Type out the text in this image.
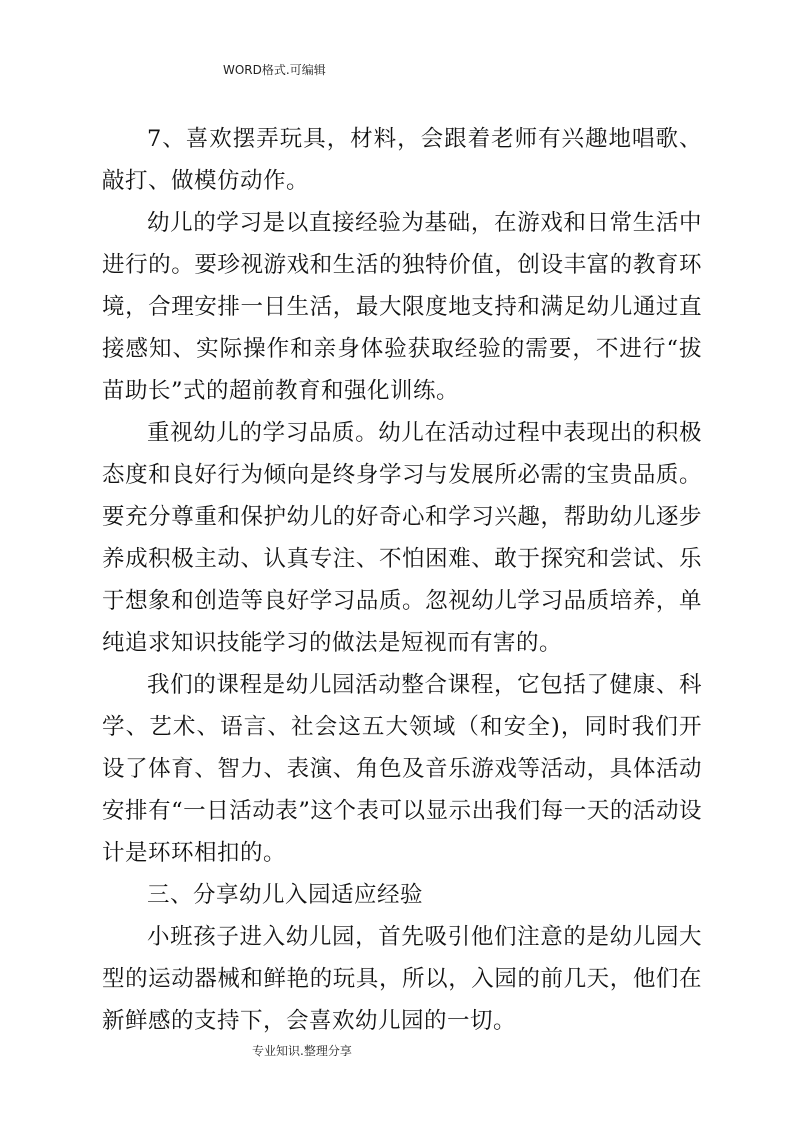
WORD格式.可编辑

7、喜欢摆弄玩具，材料，会跟着老师有兴趣地唱歌、敲打、做模仿动作。

幼儿的学习是以直接经验为基础，在游戏和日常生活中进行的。要珍视游戏和生活的独特价值，创设丰富的教育环境，合理安排一日生活，最大限度地支持和满足幼儿通过直接感知、实际操作和亲身体验获取经验的需要，不进行“拔苗助长”式的超前教育和强化训练。

重视幼儿的学习品质。幼儿在活动过程中表现出的积极态度和良好行为倾向是终身学习与发展所必需的宝贵品质。要充分尊重和保护幼儿的好奇心和学习兴趣，帮助幼儿逐步养成积极主动、认真专注、不怕困难、敢于探究和尝试、乐于想象和创造等良好学习品质。忽视幼儿学习品质培养，单纯追求知识技能学习的做法是短视而有害的。

我们的课程是幼儿园活动整合课程，它包括了健康、科学、艺术、语言、社会这五大领域（和安全)，同时我们开设了体育、智力、表演、角色及音乐游戏等活动，具体活动安排有“一日活动表”这个表可以显示出我们每一天的活动设计是环环相扣的。

三、分享幼儿入园适应经验

小班孩子进入幼儿园，首先吸引他们注意的是幼儿园大型的运动器械和鲜艳的玩具，所以，入园的前几天，他们在新鲜感的支持下，会喜欢幼儿园的一切。

专业知识.整理分享
